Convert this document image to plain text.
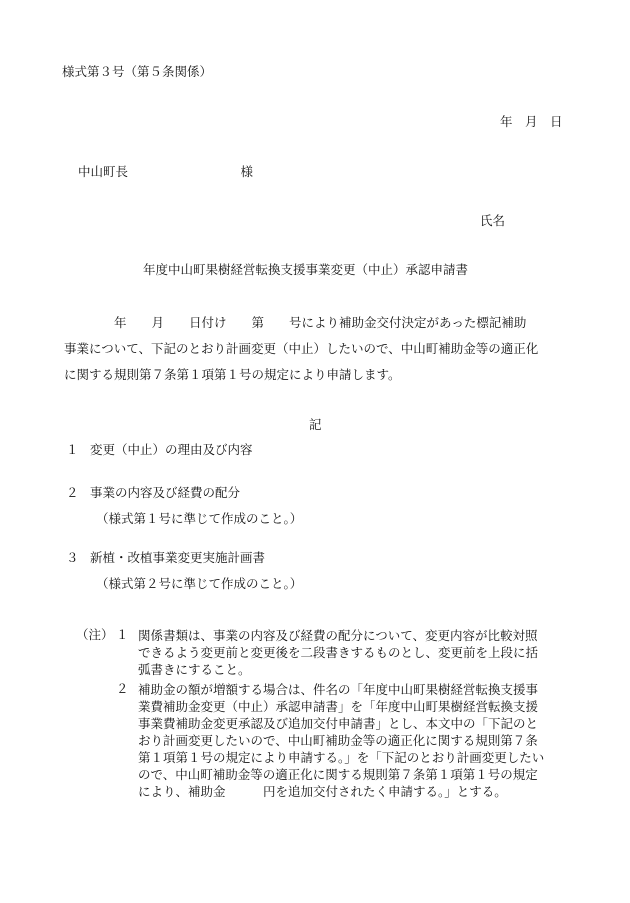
様式第３号（第５条関係）
年　月　日
中山町長　　　　　　　　　様
氏名
年度中山町果樹経営転換支援事業変更（中止）承認申請書
　　　　年　　月　　日付け　　第　　号により補助金交付決定があった標記補助
事業について、下記のとおり計画変更（中止）したいので、中山町補助金等の適正化
に関する規則第７条第１項第１号の規定により申請します。
記
１ 変更（中止）の理由及び内容
２ 事業の内容及び経費の配分
（様式第１号に準じて作成のこと。）
３ 新植・改植事業変更実施計画書
（様式第２号に準じて作成のこと。）
（注） １ 関係書類は、事業の内容及び経費の配分について、変更内容が比較対照
できるよう変更前と変更後を二段書きするものとし、変更前を上段に括
弧書きにすること。
２ 補助金の額が増額する場合は、件名の「年度中山町果樹経営転換支援事
業費補助金変更（中止）承認申請書」を「年度中山町果樹経営転換支援
事業費補助金変更承認及び追加交付申請書」とし、本文中の「下記のと
おり計画変更したいので、中山町補助金等の適正化に関する規則第７条
第１項第１号の規定により申請する。」を「下記のとおり計画変更したい
ので、中山町補助金等の適正化に関する規則第７条第１項第１号の規定
により、補助金　　　円を追加交付されたく申請する。」とする。
